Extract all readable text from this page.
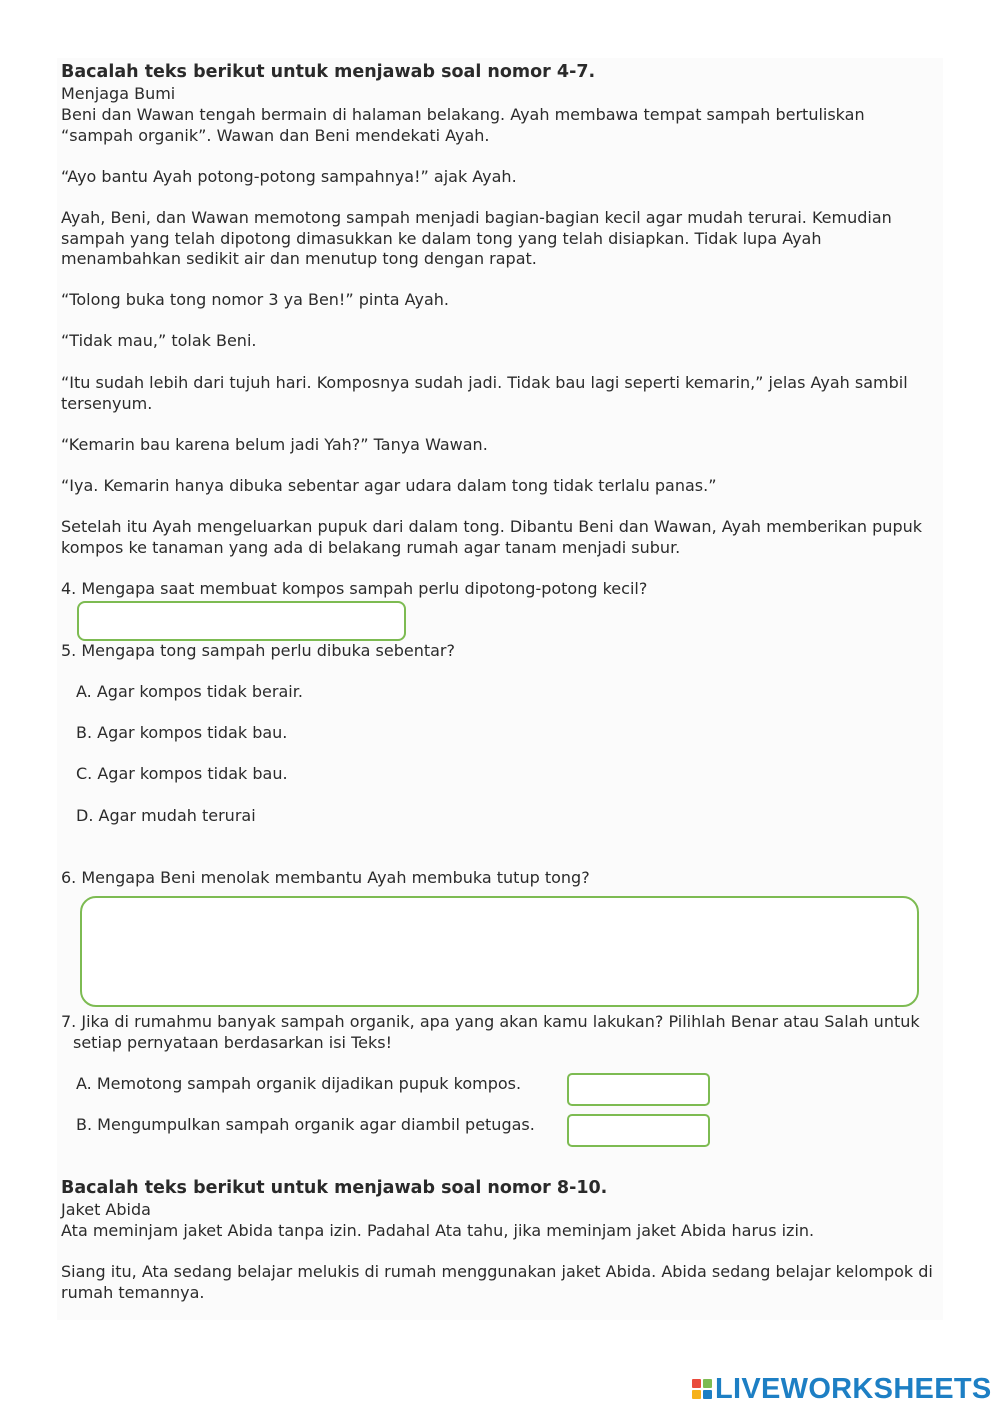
Bacalah teks berikut untuk menjawab soal nomor 4-7.
Menjaga Bumi
Beni dan Wawan tengah bermain di halaman belakang. Ayah membawa tempat sampah bertuliskan
“sampah organik”. Wawan dan Beni mendekati Ayah.
“Ayo bantu Ayah potong-potong sampahnya!” ajak Ayah.
Ayah, Beni, dan Wawan memotong sampah menjadi bagian-bagian kecil agar mudah terurai. Kemudian
sampah yang telah dipotong dimasukkan ke dalam tong yang telah disiapkan. Tidak lupa Ayah
menambahkan sedikit air dan menutup tong dengan rapat.
“Tolong buka tong nomor 3 ya Ben!” pinta Ayah.
“Tidak mau,” tolak Beni.
“Itu sudah lebih dari tujuh hari. Komposnya sudah jadi. Tidak bau lagi seperti kemarin,” jelas Ayah sambil
tersenyum.
“Kemarin bau karena belum jadi Yah?” Tanya Wawan.
“Iya. Kemarin hanya dibuka sebentar agar udara dalam tong tidak terlalu panas.”
Setelah itu Ayah mengeluarkan pupuk dari dalam tong. Dibantu Beni dan Wawan, Ayah memberikan pupuk
kompos ke tanaman yang ada di belakang rumah agar tanam menjadi subur.
4. Mengapa saat membuat kompos sampah perlu dipotong-potong kecil?
5. Mengapa tong sampah perlu dibuka sebentar?
A. Agar kompos tidak berair.
B. Agar kompos tidak bau.
C. Agar kompos tidak bau.
D. Agar mudah terurai
6. Mengapa Beni menolak membantu Ayah membuka tutup tong?
7. Jika di rumahmu banyak sampah organik, apa yang akan kamu lakukan? Pilihlah Benar atau Salah untuk
setiap pernyataan berdasarkan isi Teks!
A. Memotong sampah organik dijadikan pupuk kompos.
B. Mengumpulkan sampah organik agar diambil petugas.
Bacalah teks berikut untuk menjawab soal nomor 8-10.
Jaket Abida
Ata meminjam jaket Abida tanpa izin. Padahal Ata tahu, jika meminjam jaket Abida harus izin.
Siang itu, Ata sedang belajar melukis di rumah menggunakan jaket Abida. Abida sedang belajar kelompok di
rumah temannya.
LIVEWORKSHEETS
